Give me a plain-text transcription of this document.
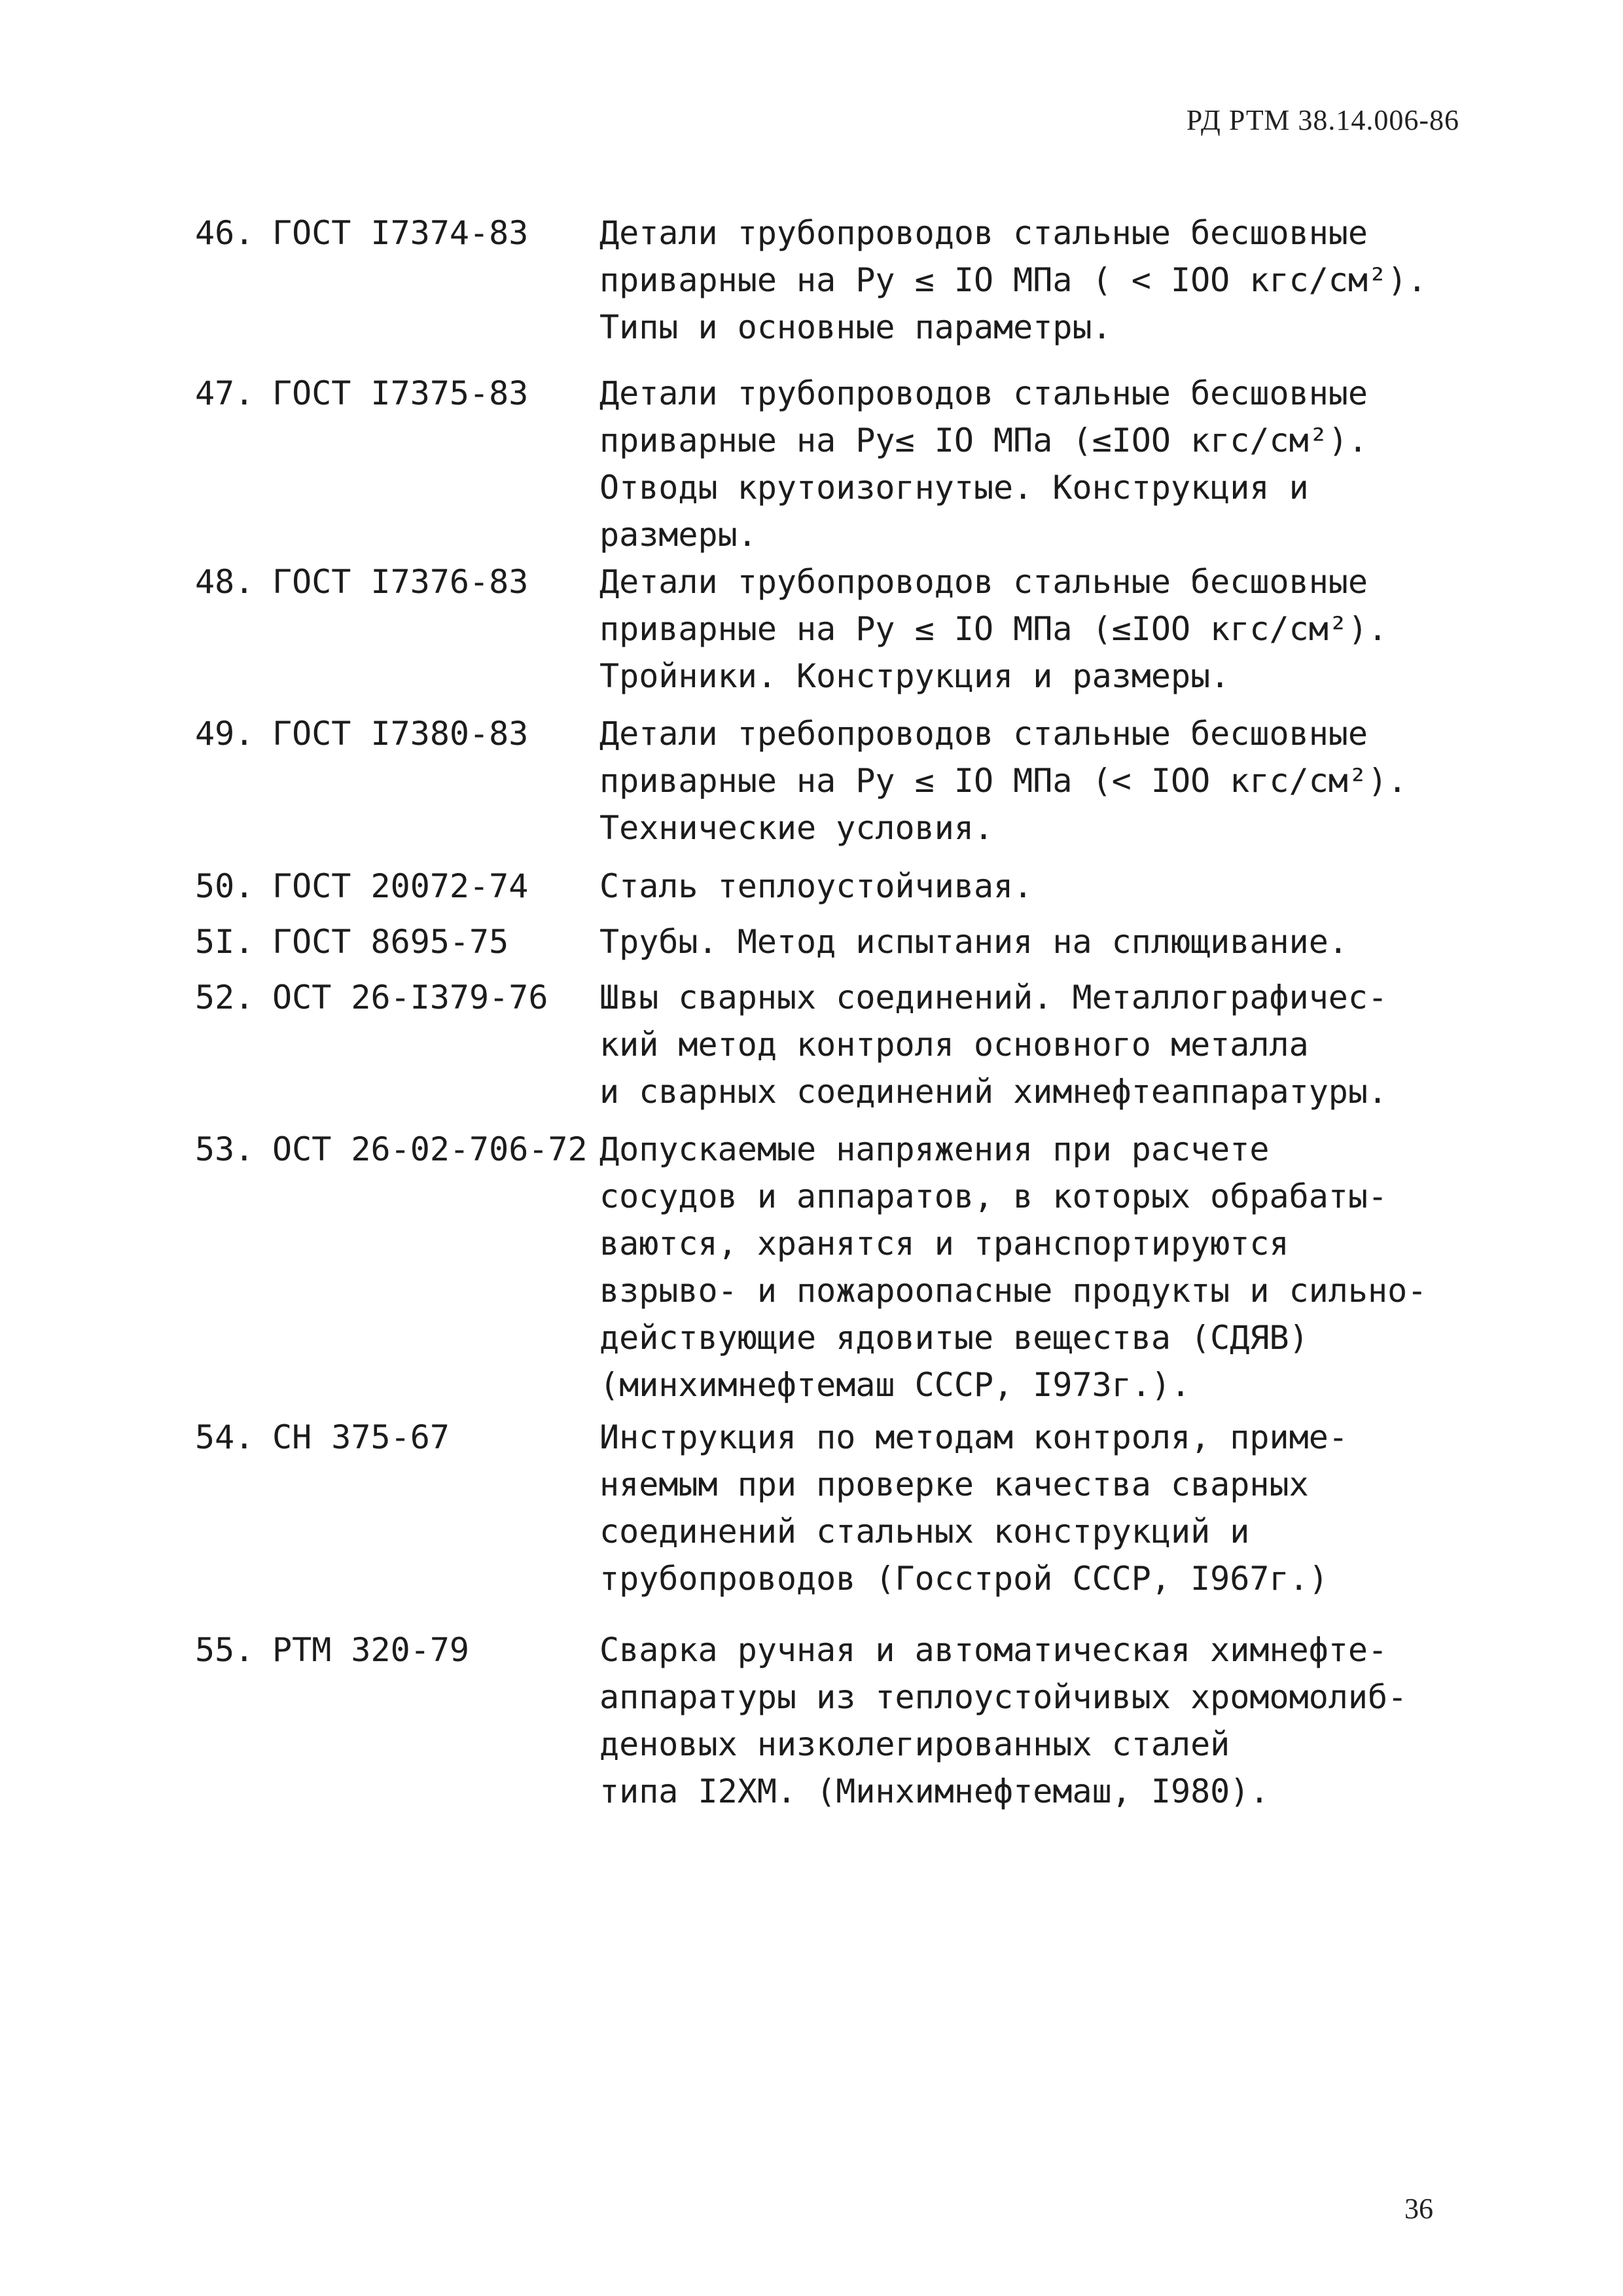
РД РТМ 38.14.006-86
46. ГОСТ I7374-83	Детали трубопроводов стальные бесшовные
приварные на Ру ≤ IO МПа ( < IOO кгс/см²).
Типы и основные параметры.
47. ГОСТ I7375-83	Детали трубопроводов стальные бесшовные
приварные на Ру≤ IO МПа (≤IOO кгс/см²).
Отводы крутоизогнутые. Конструкция и
размеры.
48. ГОСТ I7376-83	Детали трубопроводов стальные бесшовные
приварные на Ру ≤ IO МПа (≤IOO кгс/см²).
Тройники. Конструкция и размеры.
49. ГОСТ I7380-83	Детали требопроводов стальные бесшовные
приварные на Ру ≤ IO МПа (< IOO кгс/см²).
Технические условия.
50. ГОСТ 20072-74	Сталь теплоустойчивая.
5I. ГОСТ 8695-75	Трубы. Метод испытания на сплющивание.
52. ОСТ 26-I379-76	Швы сварных соединений. Металлографичес-
кий метод контроля основного металла
и сварных соединений химнефтеаппаратуры.
53. ОСТ 26-02-706-72 Допускаемые напряжения при расчете
сосудов и аппаратов, в которых обрабаты-
ваются, хранятся и транспортируются
взрыво- и пожароопасные продукты и сильно-
действующие ядовитые вещества (СДЯВ)
(минхимнефтемаш СССР, I973г.).
54. СН 375-67	Инструкция по методам контроля, приме-
няемым при проверке качества сварных
соединений стальных конструкций и
трубопроводов (Госстрой СССР, I967г.)
55. РТМ 320-79	Сварка ручная и автоматическая химнефте-
аппаратуры из теплоустойчивых хромомолиб-
деновых низколегированных сталей
типа I2ХМ. (Минхимнефтемаш, I980).
36
